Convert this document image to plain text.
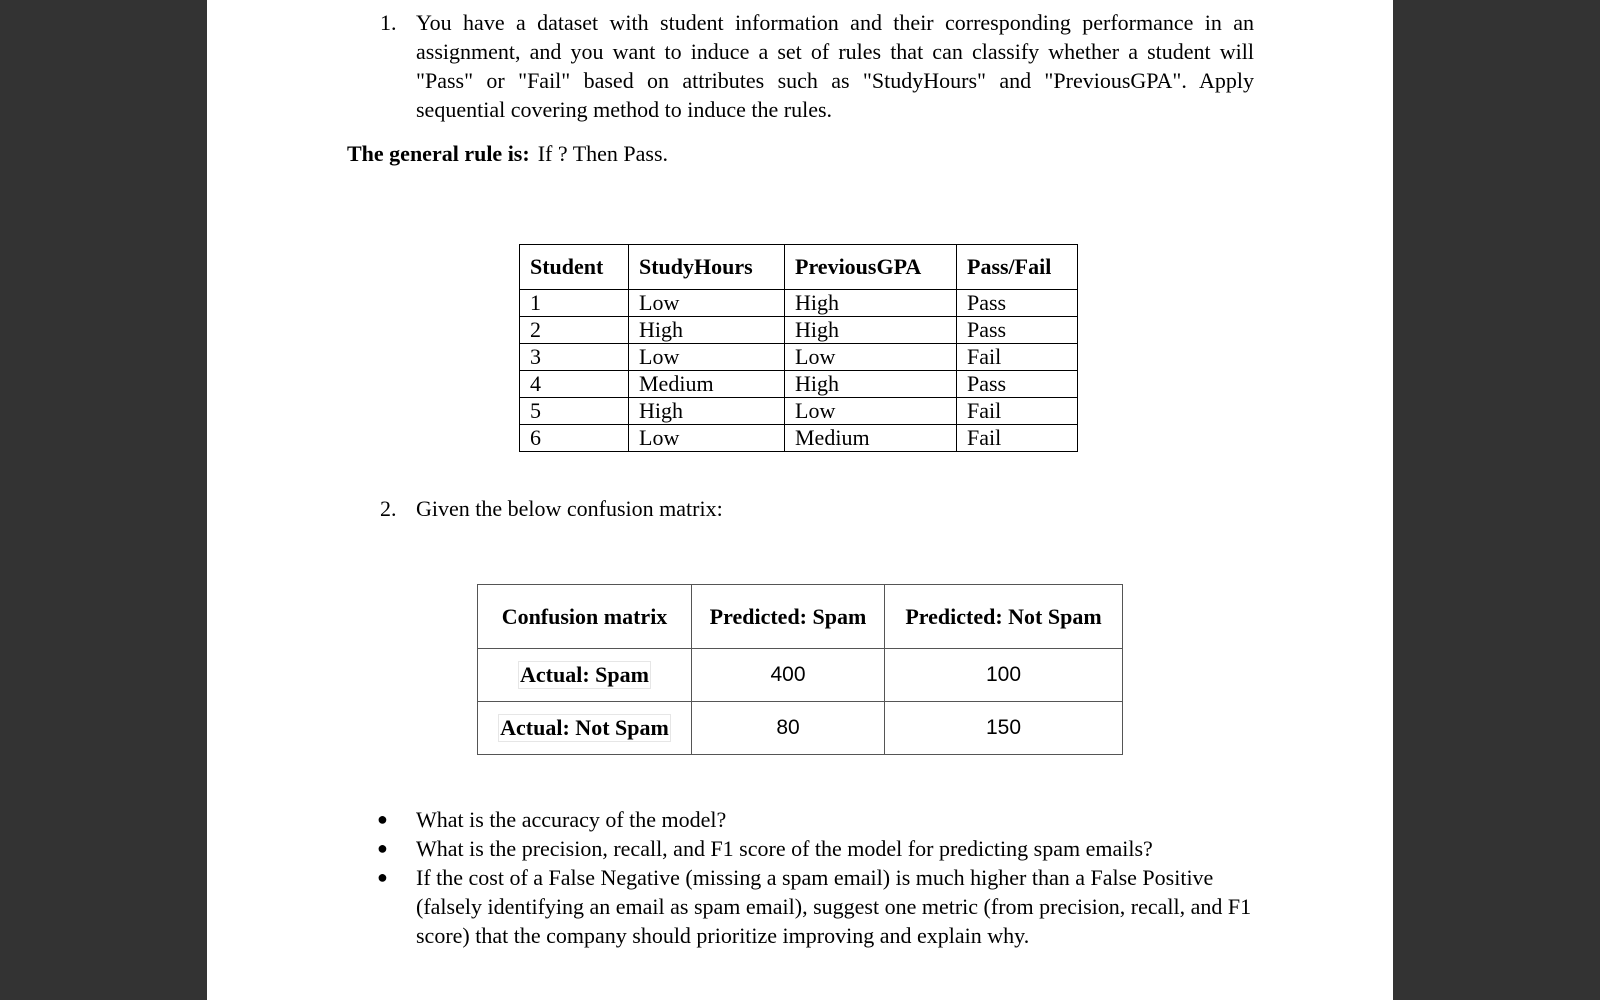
1. You have a dataset with student information and their corresponding performance in an assignment, and you want to induce a set of rules that can classify whether a student will "Pass" or "Fail" based on attributes such as "StudyHours" and "PreviousGPA". Apply sequential covering method to induce the rules.
The general rule is: If ? Then Pass.
Student	StudyHours	PreviousGPA	Pass/Fail
1	Low	High	Pass
2	High	High	Pass
3	Low	Low	Fail
4	Medium	High	Pass
5	High	Low	Fail
6	Low	Medium	Fail
2. Given the below confusion matrix:
Confusion matrix	Predicted: Spam	Predicted: Not Spam
Actual: Spam	400	100
Actual: Not Spam	80	150
● What is the accuracy of the model?
● What is the precision, recall, and F1 score of the model for predicting spam emails?
● If the cost of a False Negative (missing a spam email) is much higher than a False Positive (falsely identifying an email as spam email), suggest one metric (from precision, recall, and F1 score) that the company should prioritize improving and explain why.
